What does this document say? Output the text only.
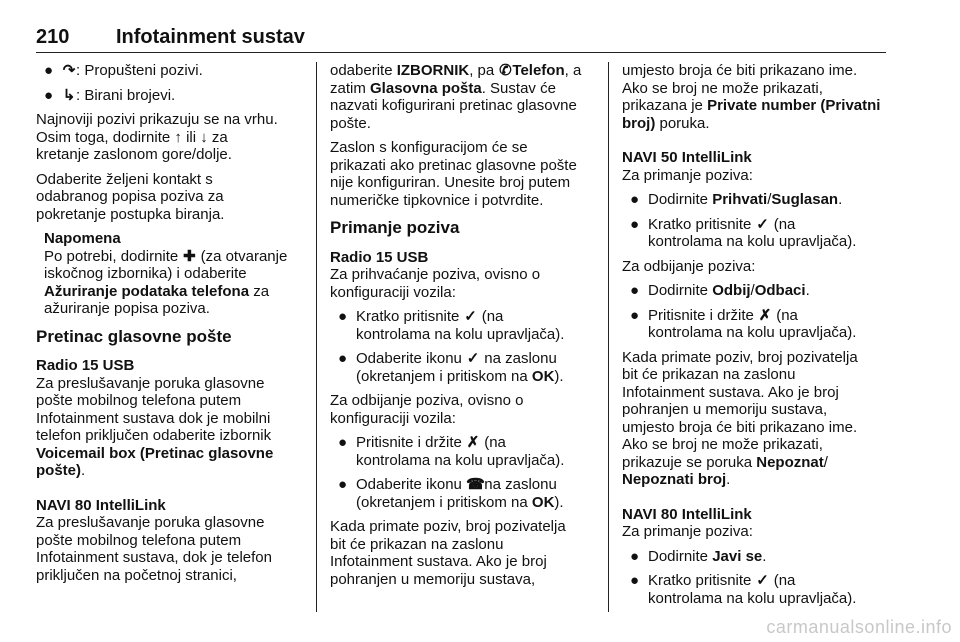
210 Infotainment sustav
● ↷: Propušteni pozivi.
● ↳: Birani brojevi.

Najnoviji pozivi prikazuju se na vrhu.
Osim toga, dodirnite ↑ ili ↓ za
kretanje zaslonom gore/dolje.

Odaberite željeni kontakt s
odabranog popisa poziva za
pokretanje postupka biranja.

Napomena

Po potrebi, dodirnite ✚ (za otvaranje
iskočnog izbornika) i odaberite
Ažuriranje podataka telefona za
ažuriranje popisa poziva.

Pretinac glasovne pošte

Radio 15 USB

Za preslušavanje poruka glasovne
pošte mobilnog telefona putem
Infotainment sustava dok je mobilni
telefon priključen odaberite izbornik
Voicemail box (Pretinac glasovne
pošte).

NAVI 80 IntelliLink

Za preslušavanje poruka glasovne
pošte mobilnog telefona putem
Infotainment sustava, dok je telefon
priključen na početnoj stranici,

odaberite IZBORNIK, pa ✆Telefon, a
zatim Glasovna pošta. Sustav će
nazvati kofigurirani pretinac glasovne
pošte.

Zaslon s konfiguracijom će se
prikazati ako pretinac glasovne pošte
nije konfiguriran. Unesite broj putem
numeričke tipkovnice i potvrdite.

Primanje poziva

Radio 15 USB

Za prihvaćanje poziva, ovisno o
konfiguraciji vozila:

● Kratko pritisnite ✓ (na
kontrolama na kolu upravljača).
● Odaberite ikonu ✓ na zaslonu
(okretanjem i pritiskom na OK).

Za odbijanje poziva, ovisno o
konfiguraciji vozila:

● Pritisnite i držite ✗ (na
kontrolama na kolu upravljača).
● Odaberite ikonu ☎ na zaslonu
(okretanjem i pritiskom na OK).

Kada primate poziv, broj pozivatelja
bit će prikazan na zaslonu
Infotainment sustava. Ako je broj
pohranjen u memoriju sustava,

umjesto broja će biti prikazano ime.
Ako se broj ne može prikazati,
prikazana je Private number (Privatni
broj) poruka.

NAVI 50 IntelliLink

Za primanje poziva:

● Dodirnite Prihvati/Suglasan.
● Kratko pritisnite ✓ (na
kontrolama na kolu upravljača).

Za odbijanje poziva:

● Dodirnite Odbij/Odbaci.
● Pritisnite i držite ✗ (na
kontrolama na kolu upravljača).

Kada primate poziv, broj pozivatelja
bit će prikazan na zaslonu
Infotainment sustava. Ako je broj
pohranjen u memoriju sustava,
umjesto broja će biti prikazano ime.
Ako se broj ne može prikazati,
prikazuje se poruka Nepoznat/
Nepoznati broj.

NAVI 80 IntelliLink

Za primanje poziva:

● Dodirnite Javi se.
● Kratko pritisnite ✓ (na
kontrolama na kolu upravljača).
carmanualsonline.info
